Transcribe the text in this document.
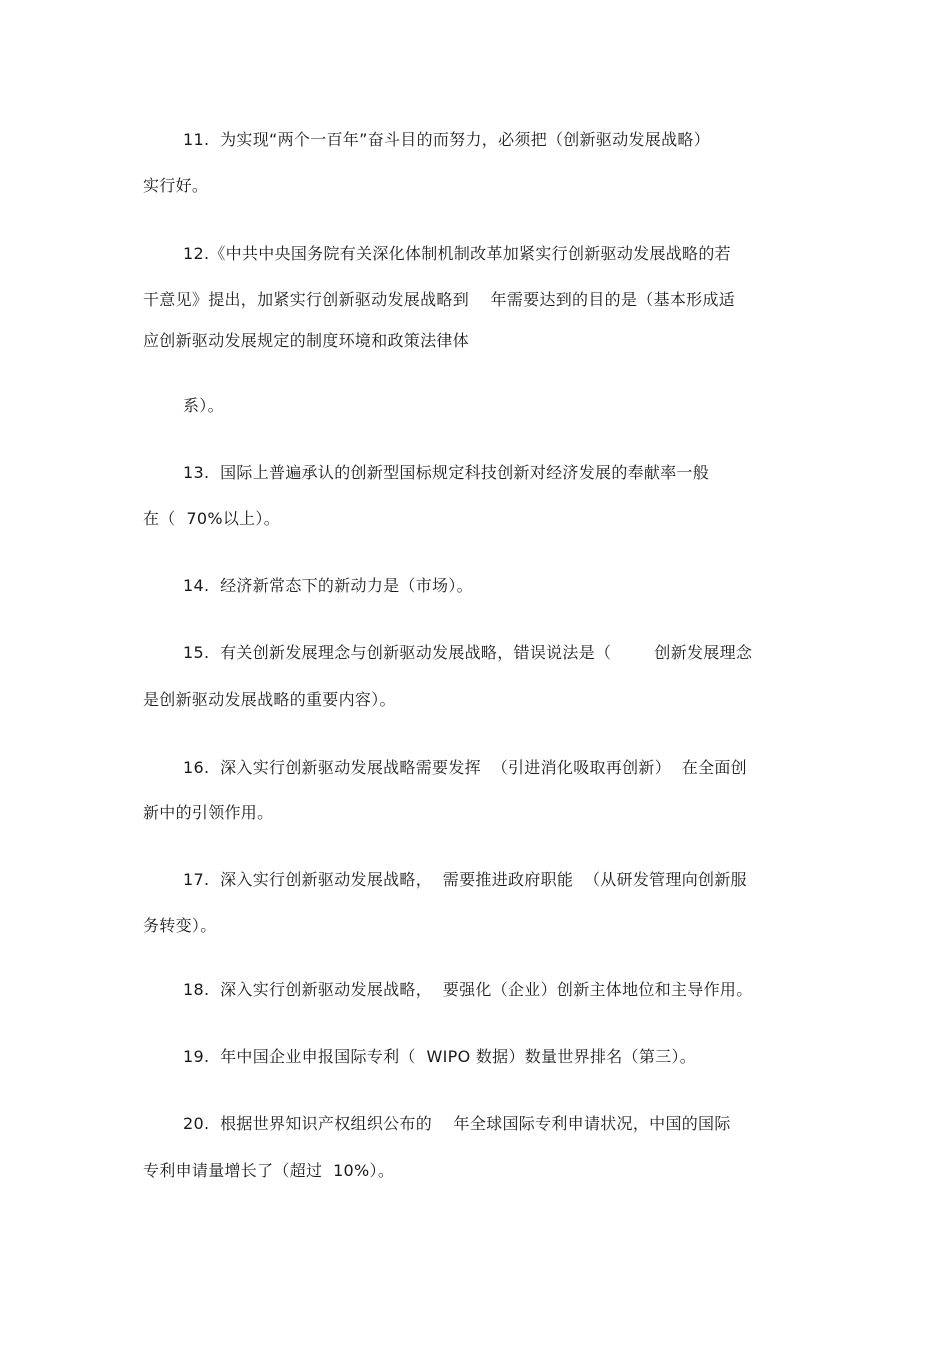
11.  为实现“两个一百年”奋斗目的而努力，必须把（创新驱动发展战略）
实行好。
12.《中共中央国务院有关深化体制机制改革加紧实行创新驱动发展战略的若
干意见》提出，加紧实行创新驱动发展战略到    年需要达到的目的是（基本形成适
应创新驱动发展规定的制度环境和政策法律体
系）。
13.  国际上普遍承认的创新型国标规定科技创新对经济发展的奉献率一般
在（  70%以上）。
14.  经济新常态下的新动力是（市场）。
15.  有关创新发展理念与创新驱动发展战略，错误说法是（        创新发展理念
是创新驱动发展战略的重要内容）。
16.  深入实行创新驱动发展战略需要发挥  （引进消化吸取再创新）  在全面创
新中的引领作用。
17.  深入实行创新驱动发展战略，  需要推进政府职能  （从研发管理向创新服
务转变）。
18.  深入实行创新驱动发展战略，  要强化（企业）创新主体地位和主导作用。
19.  年中国企业申报国际专利（  WIPO 数据）数量世界排名（第三）。
20.  根据世界知识产权组织公布的    年全球国际专利申请状况，中国的国际
专利申请量增长了（超过  10%）。
